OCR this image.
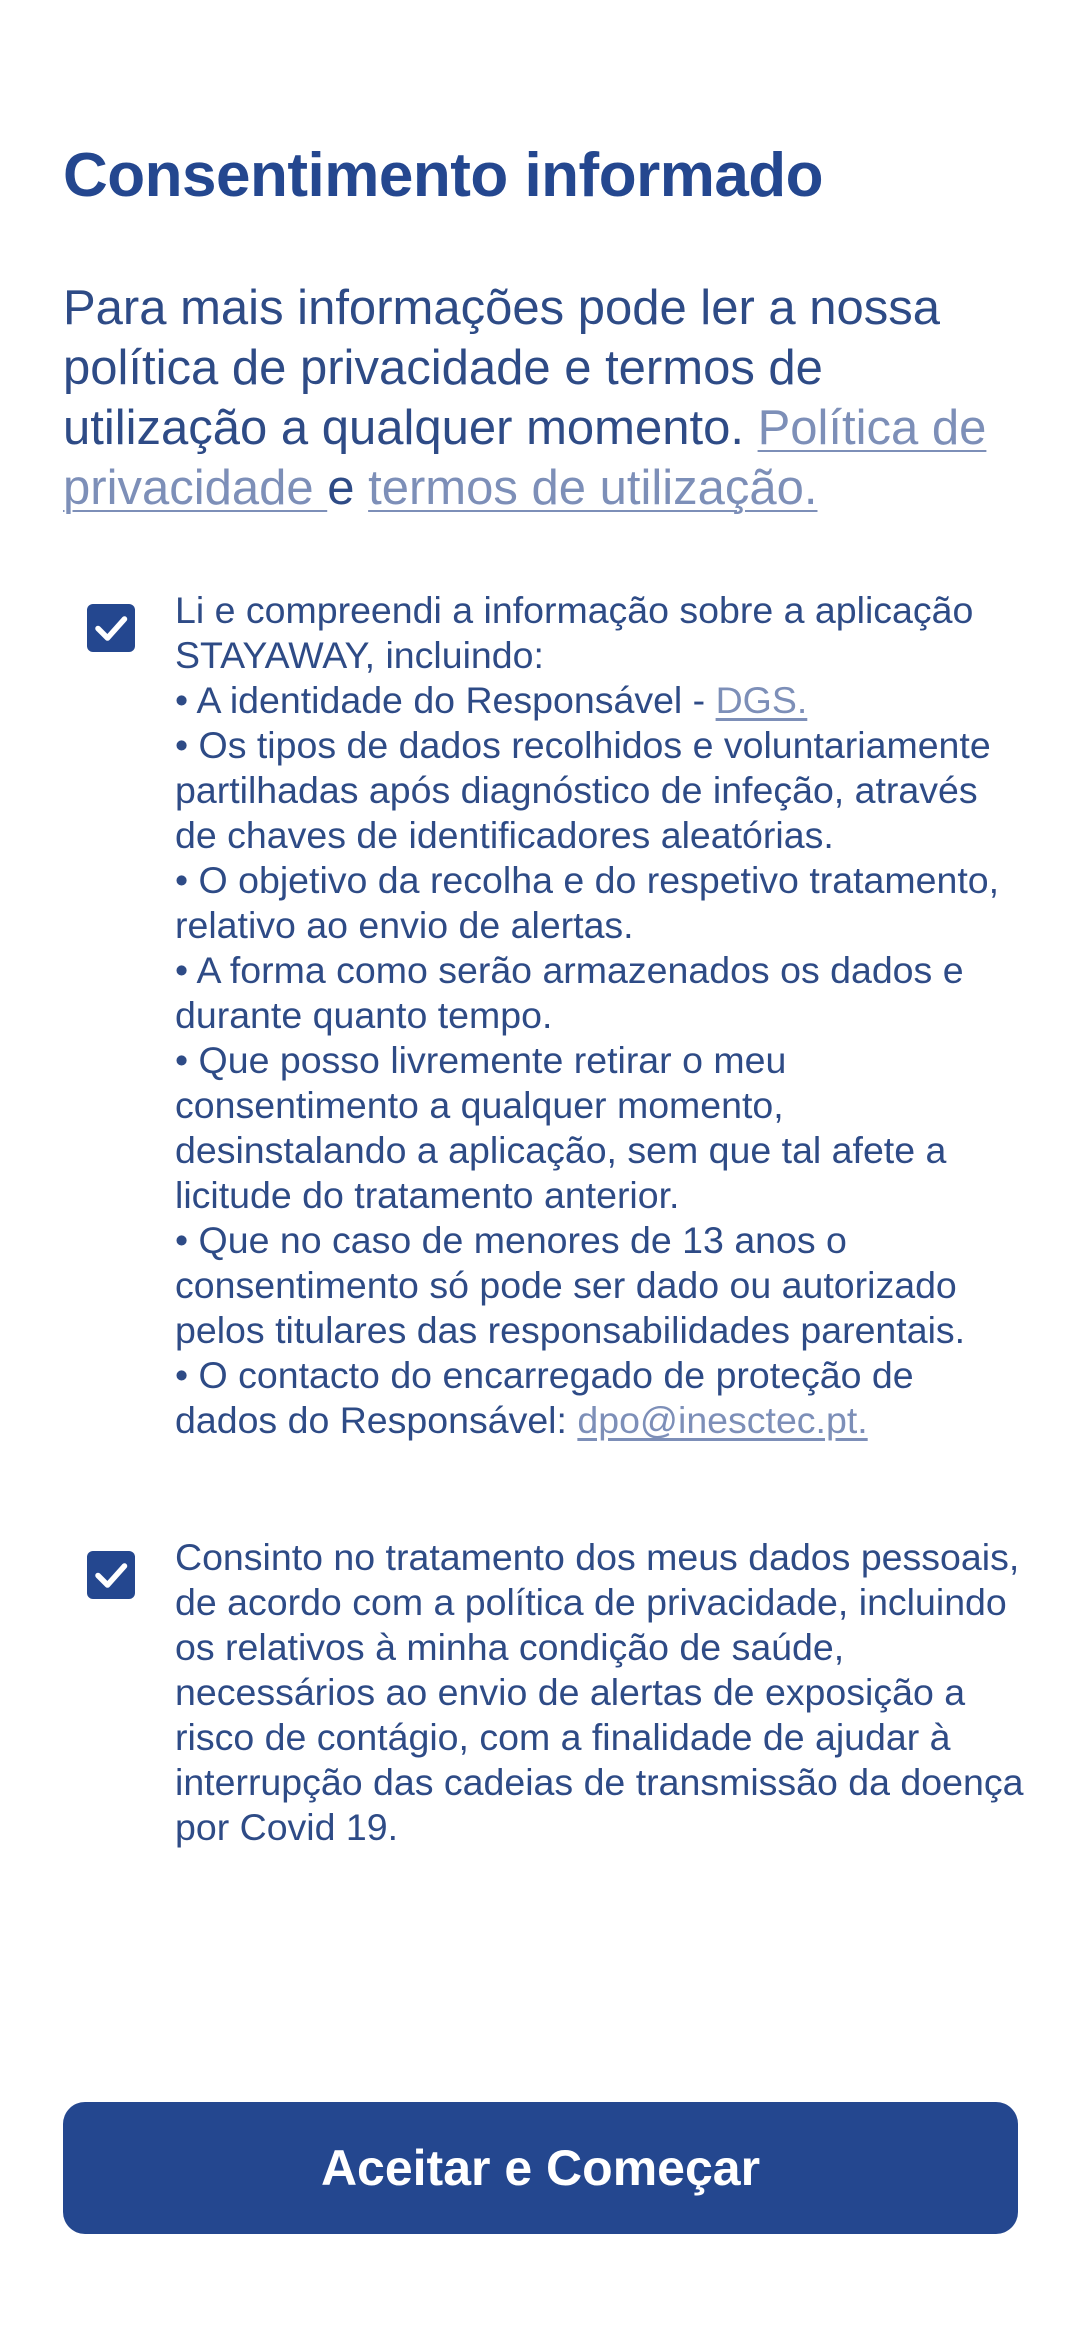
Consentimento informado

Para mais informações pode ler a nossa política de privacidade e termos de utilização a qualquer momento. Política de privacidade e termos de utilização.

Li e compreendi a informação sobre a aplicação STAYAWAY, incluindo:
• A identidade do Responsável - DGS.
• Os tipos de dados recolhidos e voluntariamente partilhadas após diagnóstico de infeção, através de chaves de identificadores aleatórias.
• O objetivo da recolha e do respetivo tratamento, relativo ao envio de alertas.
• A forma como serão armazenados os dados e durante quanto tempo.
• Que posso livremente retirar o meu consentimento a qualquer momento, desinstalando a aplicação, sem que tal afete a licitude do tratamento anterior.
• Que no caso de menores de 13 anos o consentimento só pode ser dado ou autorizado pelos titulares das responsabilidades parentais.
• O contacto do encarregado de proteção de dados do Responsável: dpo@inesctec.pt.
Consinto no tratamento dos meus dados pessoais, de acordo com a política de privacidade, incluindo os relativos à minha condição de saúde, necessários ao envio de alertas de exposição a risco de contágio, com a finalidade de ajudar à interrupção das cadeias de transmissão da doença por Covid 19.
Aceitar e Começar
